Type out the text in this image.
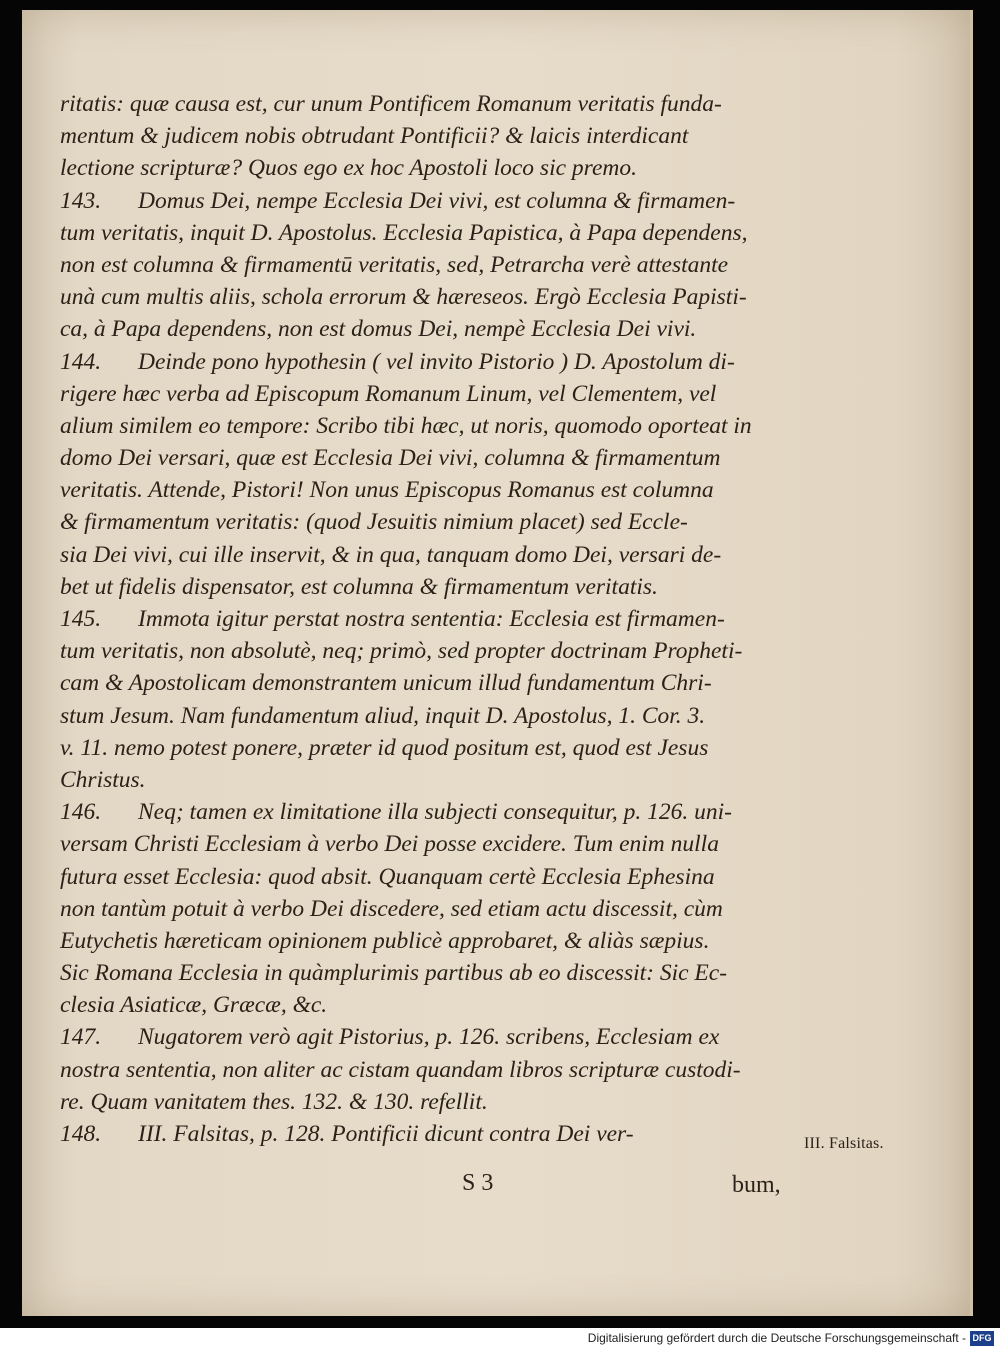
ritatis: quæ causa est, cur unum Pontificem Romanum veritatis funda-
mentum & judicem nobis obtrudant Pontificii? & laicis interdicant
lectione scripturæ? Quos ego ex hoc Apostoli loco sic premo.
143. Domus Dei, nempe Ecclesia Dei vivi, est columna & firmamen-
tum veritatis, inquit D. Apostolus. Ecclesia Papistica, à Papa dependens,
non est columna & firmamentū veritatis, sed, Petrarcha verè attestante
unà cum multis aliis, schola errorum & hæreseos. Ergò Ecclesia Papisti-
ca, à Papa dependens, non est domus Dei, nempè Ecclesia Dei vivi.
144. Deinde pono hypothesin ( vel invito Pistorio ) D. Apostolum di-
rigere hæc verba ad Episcopum Romanum Linum, vel Clementem, vel
alium similem eo tempore: Scribo tibi hæc, ut noris, quomodo oporteat in
domo Dei versari, quæ est Ecclesia Dei vivi, columna & firmamentum
veritatis. Attende, Pistori! Non unus Episcopus Romanus est columna
& firmamentum veritatis: (quod Jesuitis nimium placet) sed Eccle-
sia Dei vivi, cui ille inservit, & in qua, tanquam domo Dei, versari de-
bet ut fidelis dispensator, est columna & firmamentum veritatis.
145. Immota igitur perstat nostra sententia: Ecclesia est firmamen-
tum veritatis, non absolutè, neq; primò, sed propter doctrinam Propheti-
cam & Apostolicam demonstrantem unicum illud fundamentum Chri-
stum Jesum. Nam fundamentum aliud, inquit D. Apostolus, 1. Cor. 3.
v. 11. nemo potest ponere, præter id quod positum est, quod est Jesus
Christus.
146. Neq; tamen ex limitatione illa subjecti consequitur, p. 126. uni-
versam Christi Ecclesiam à verbo Dei posse excidere. Tum enim nulla
futura esset Ecclesia: quod absit. Quanquam certè Ecclesia Ephesina
non tantùm potuit à verbo Dei discedere, sed etiam actu discessit, cùm
Eutychetis hæreticam opinionem publicè approbaret, & aliàs sæpius.
Sic Romana Ecclesia in quàmplurimis partibus ab eo discessit: Sic Ec-
clesia Asiaticæ, Græcæ, &c.
147. Nugatorem verò agit Pistorius, p. 126. scribens, Ecclesiam ex
nostra sententia, non aliter ac cistam quandam libros scripturæ custodi-
re. Quam vanitatem thes. 132. & 130. refellit.
148. III. Falsitas, p. 128. Pontificii dicunt contra Dei ver-	III. Falsitas.
S 3	bum,
Digitalisierung gefördert durch die Deutsche Forschungsgemeinschaft - DFG
